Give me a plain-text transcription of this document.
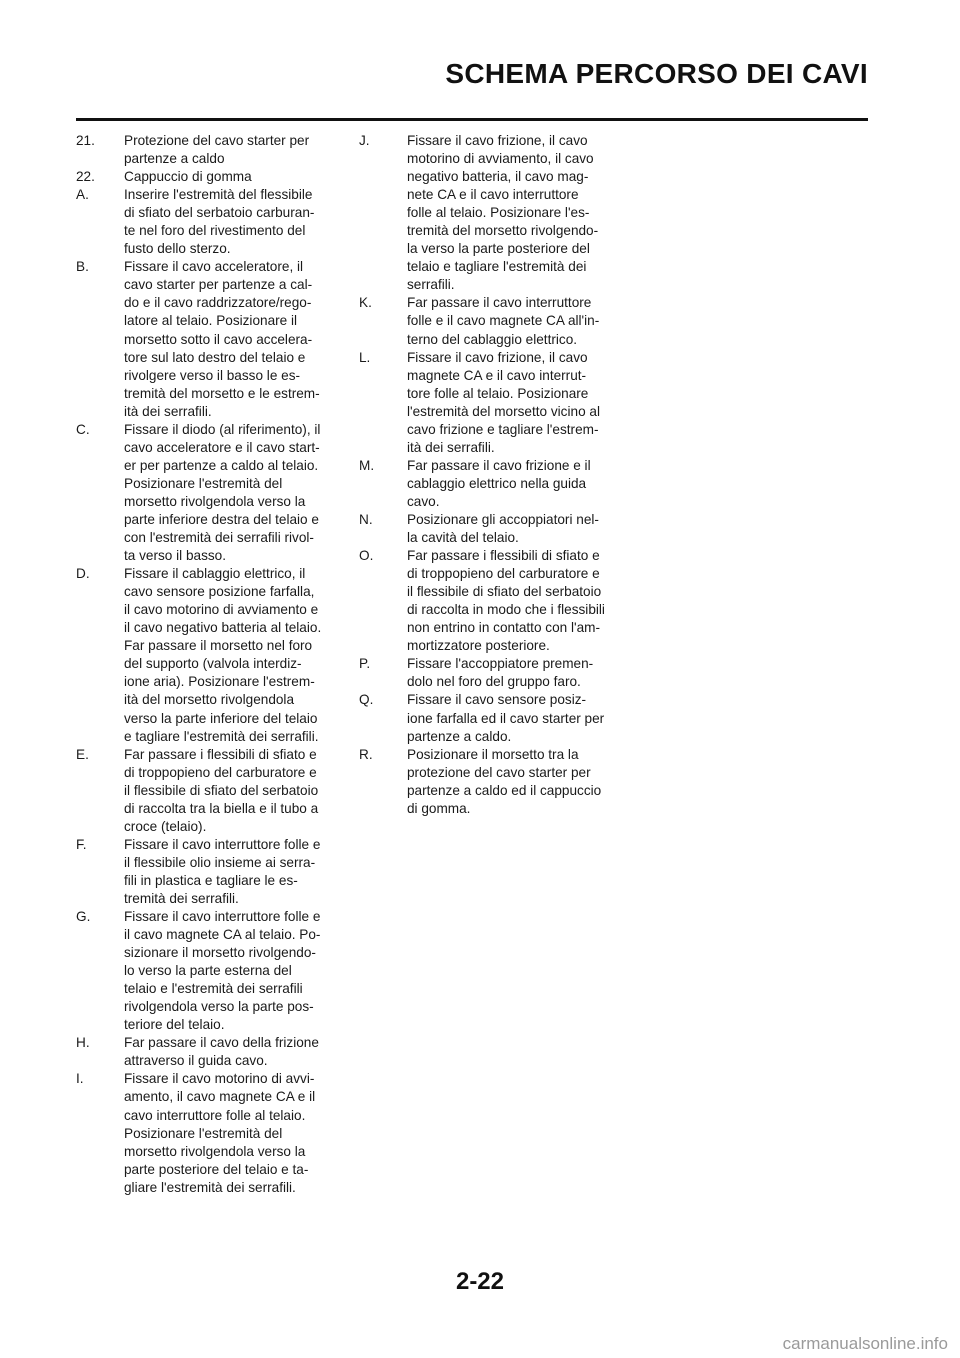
SCHEMA PERCORSO DEI CAVI
21.	Protezione del cavo starter per
partenze a caldo
22.	Cappuccio di gomma
A.	Inserire l'estremità del flessibile
di sfiato del serbatoio carburan-
te nel foro del rivestimento del
fusto dello sterzo.
B.	Fissare il cavo acceleratore, il
cavo starter per partenze a cal-
do e il cavo raddrizzatore/rego-
latore al telaio. Posizionare il
morsetto sotto il cavo accelera-
tore sul lato destro del telaio e
rivolgere verso il basso le es-
tremità del morsetto e le estrem-
ità dei serrafili.
C.	Fissare il diodo (al riferimento), il
cavo acceleratore e il cavo start-
er per partenze a caldo al telaio.
Posizionare l'estremità del
morsetto rivolgendola verso la
parte inferiore destra del telaio e
con l'estremità dei serrafili rivol-
ta verso il basso.
D.	Fissare il cablaggio elettrico, il
cavo sensore posizione farfalla,
il cavo motorino di avviamento e
il cavo negativo batteria al telaio.
Far passare il morsetto nel foro
del supporto (valvola interdiz-
ione aria). Posizionare l'estrem-
ità del morsetto rivolgendola
verso la parte inferiore del telaio
e tagliare l'estremità dei serrafili.
E.	Far passare i flessibili di sfiato e
di troppopieno del carburatore e
il flessibile di sfiato del serbatoio
di raccolta tra la biella e il tubo a
croce (telaio).
F.	Fissare il cavo interruttore folle e
il flessibile olio insieme ai serra-
fili in plastica e tagliare le es-
tremità dei serrafili.
G.	Fissare il cavo interruttore folle e
il cavo magnete CA al telaio. Po-
sizionare il morsetto rivolgendo-
lo verso la parte esterna del
telaio e l'estremità dei serrafili
rivolgendola verso la parte pos-
teriore del telaio.
H.	Far passare il cavo della frizione
attraverso il guida cavo.
I.	Fissare il cavo motorino di avvi-
amento, il cavo magnete CA e il
cavo interruttore folle al telaio.
Posizionare l'estremità del
morsetto rivolgendola verso la
parte posteriore del telaio e ta-
gliare l'estremità dei serrafili.
J.	Fissare il cavo frizione, il cavo
motorino di avviamento, il cavo
negativo batteria, il cavo mag-
nete CA e il cavo interruttore
folle al telaio. Posizionare l'es-
tremità del morsetto rivolgendo-
la verso la parte posteriore del
telaio e tagliare l'estremità dei
serrafili.
K.	Far passare il cavo interruttore
folle e il cavo magnete CA all'in-
terno del cablaggio elettrico.
L.	Fissare il cavo frizione, il cavo
magnete CA e il cavo interrut-
tore folle al telaio. Posizionare
l'estremità del morsetto vicino al
cavo frizione e tagliare l'estrem-
ità dei serrafili.
M.	Far passare il cavo frizione e il
cablaggio elettrico nella guida
cavo.
N.	Posizionare gli accoppiatori nel-
la cavità del telaio.
O.	Far passare i flessibili di sfiato e
di troppopieno del carburatore e
il flessibile di sfiato del serbatoio
di raccolta in modo che i flessibili
non entrino in contatto con l'am-
mortizzatore posteriore.
P.	Fissare l'accoppiatore premen-
dolo nel foro del gruppo faro.
Q.	Fissare il cavo sensore posiz-
ione farfalla ed il cavo starter per
partenze a caldo.
R.	Posizionare il morsetto tra la
protezione del cavo starter per
partenze a caldo ed il cappuccio
di gomma.
2-22
carmanualsonline.info
